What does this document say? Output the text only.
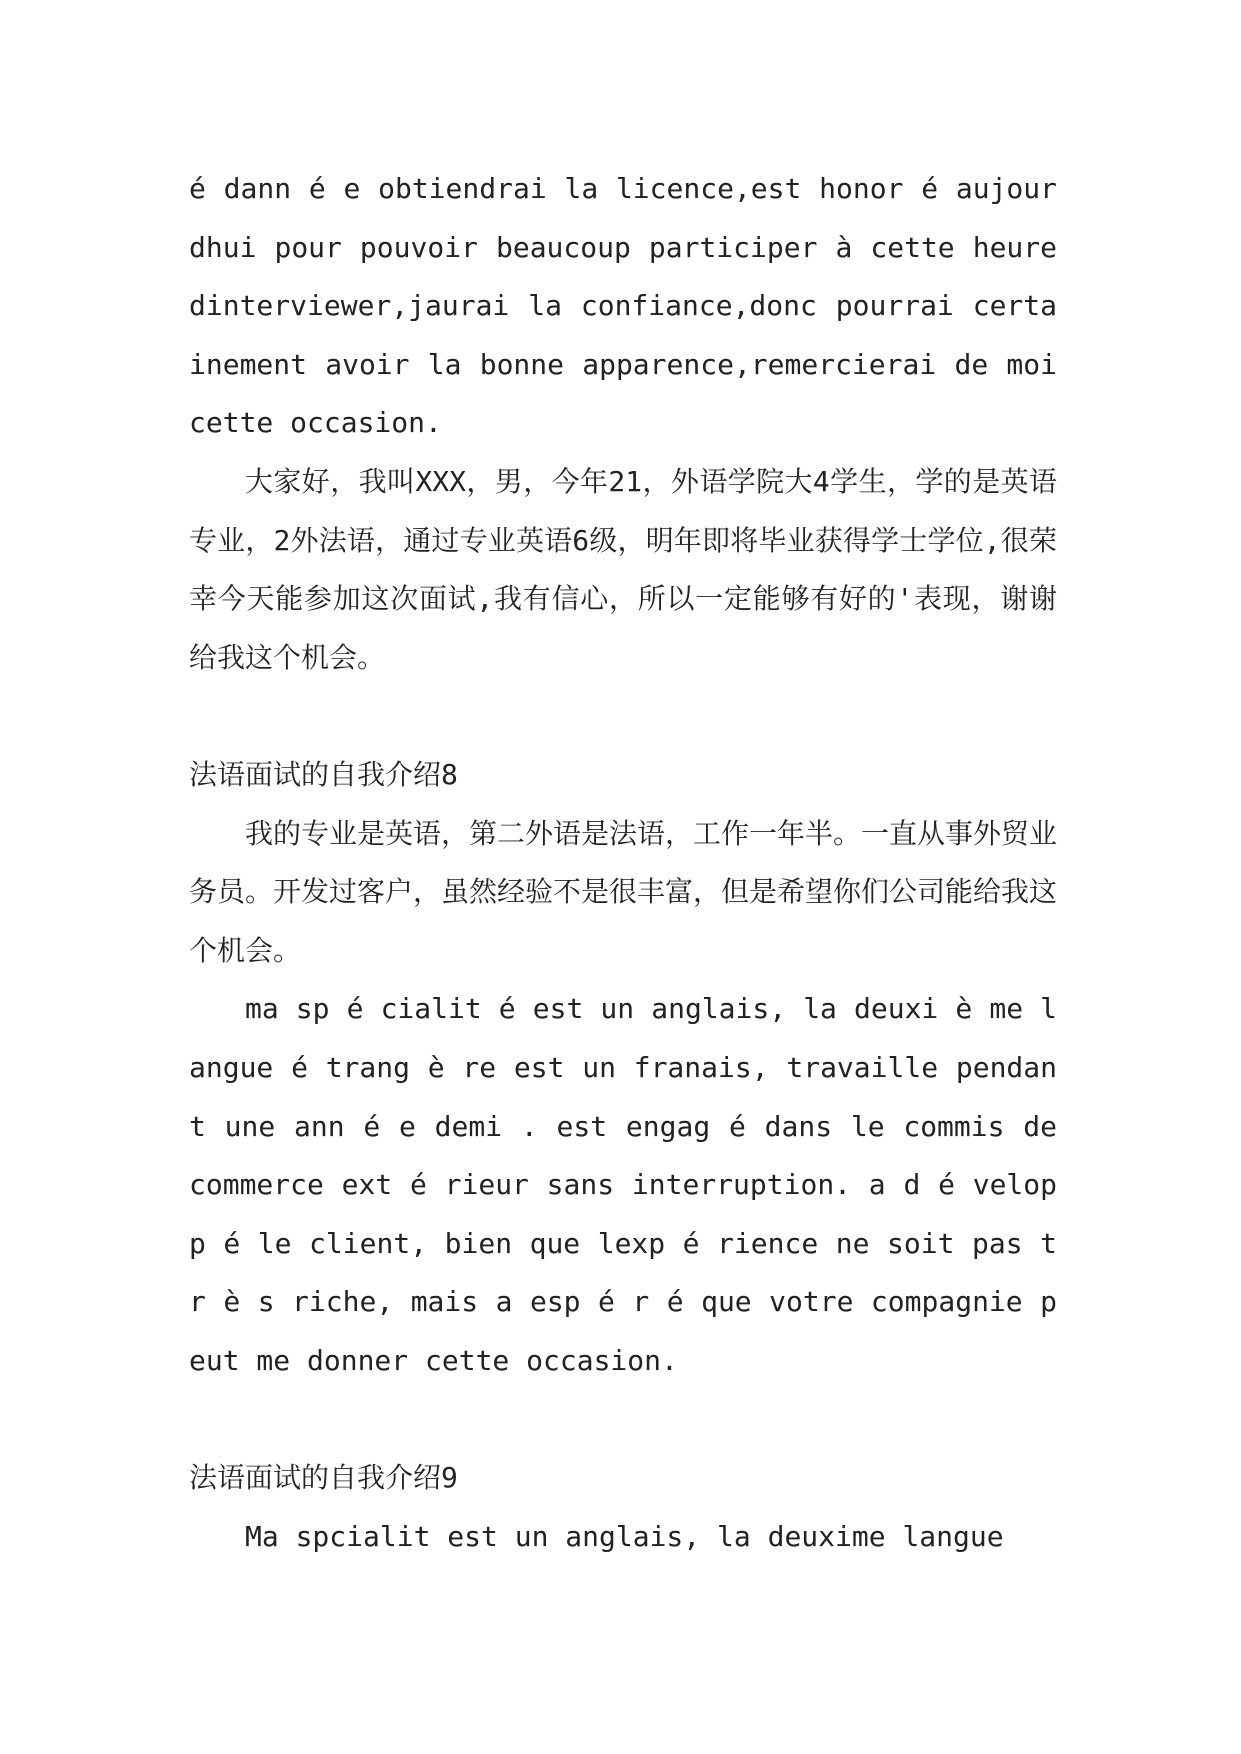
é dann é e obtiendrai la licence,est honor é aujourdhui pour pouvoir beaucoup participer à cette heure dinterviewer,jaurai la confiance,donc pourrai certainement avoir la bonne apparence,remercierai de moi cette occasion.

大家好，我叫XXX，男，今年21，外语学院大4学生，学的是英语专业，2外法语，通过专业英语6级，明年即将毕业获得学士学位,很荣幸今天能参加这次面试,我有信心，所以一定能够有好的'表现，谢谢给我这个机会。

法语面试的自我介绍8

我的专业是英语，第二外语是法语，工作一年半。一直从事外贸业务员。开发过客户，虽然经验不是很丰富，但是希望你们公司能给我这个机会。

ma sp é cialit é est un anglais, la deuxi è me langue é trang è re est un franais, travaille pendant une ann é e demi . est engag é dans le commis de commerce ext é rieur sans interruption. a d é velopp é le client, bien que lexp é rience ne soit pas tr è s riche, mais a esp é r é que votre compagnie peut me donner cette occasion.

法语面试的自我介绍9

Ma spcialit est un anglais, la deuxime langue
